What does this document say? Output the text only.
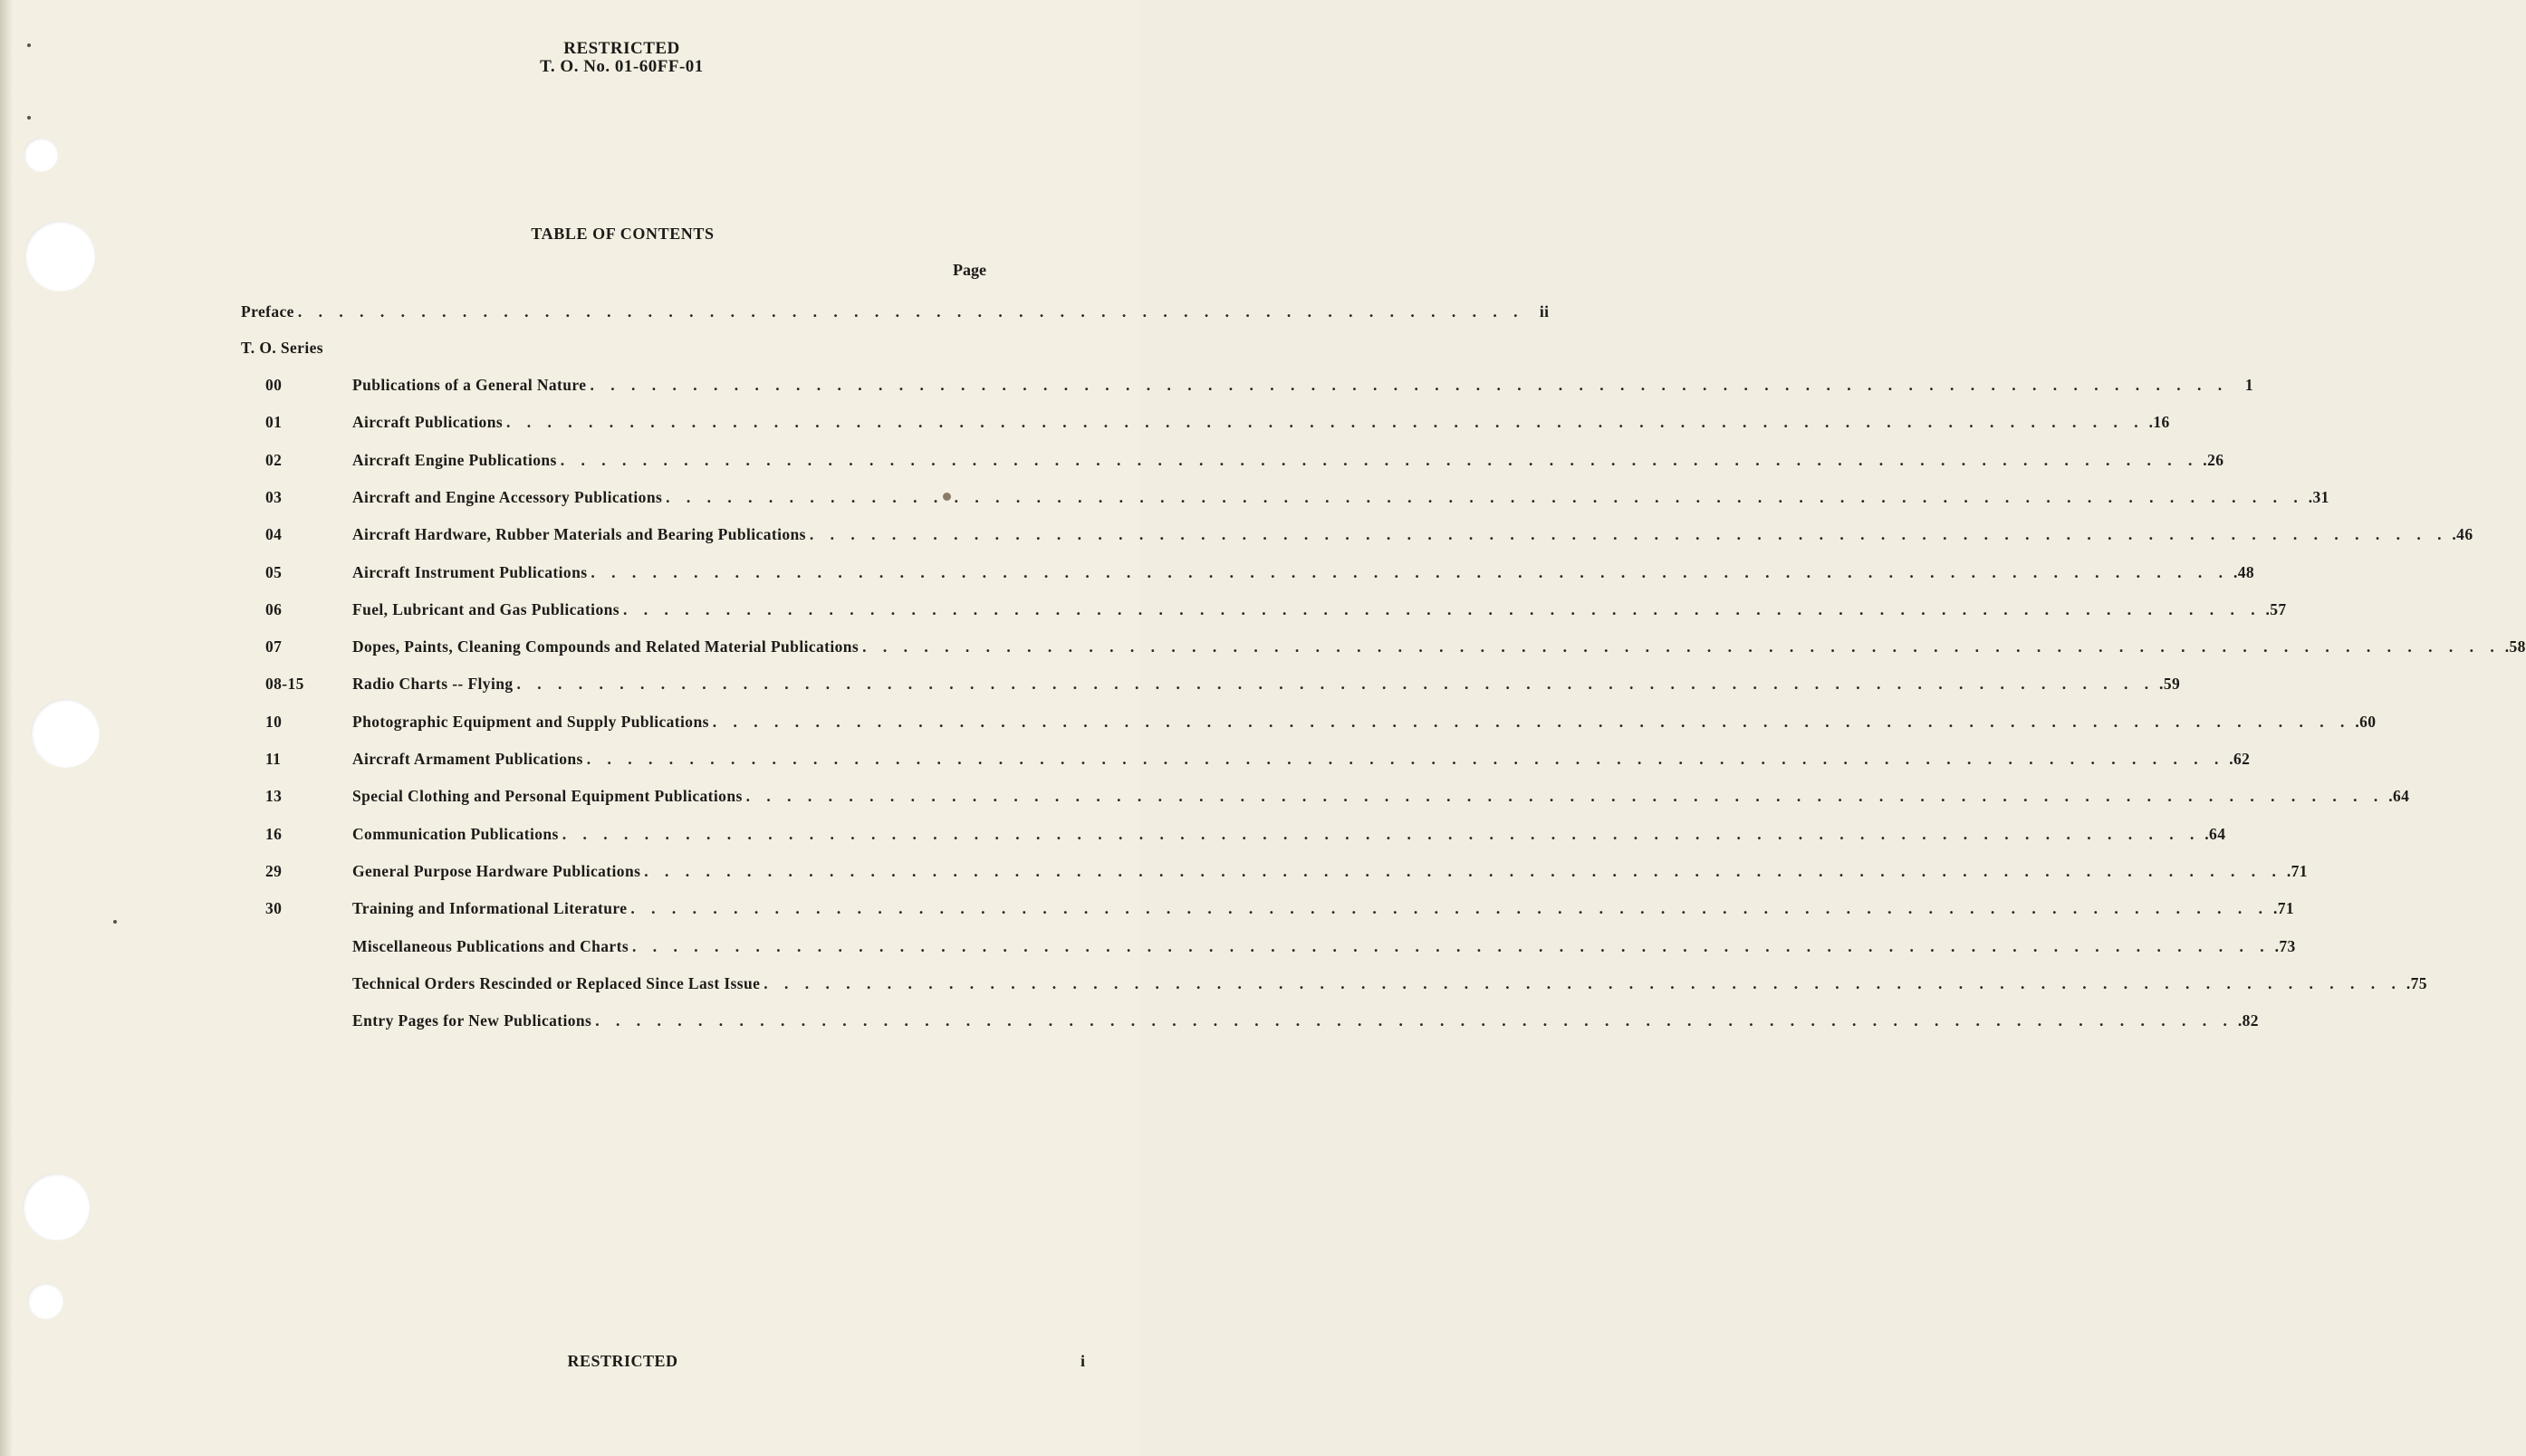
RESTRICTED
T. O. No. 01-60FF-01
TABLE OF CONTENTS
Page
Preface . . . . . . . . . . . . . . . . . . . . . . . . . . . . . . . . . . . . . . . . . . . . . . . . . . . . . . . . . . . . ii
T. O. Series
00	Publications of a General Nature . . . . . . . . . . . . . . . . . . . . . . . . . . . . . . . . . . . . . . . . . . . . . . . . . . . . . . . . . . . . . . . . . . . . . . . . . . . . . . . .	1
01	Aircraft Publications . . . . . . . . . . . . . . . . . . . . . . . . . . . . . . . . . . . . . . . . . . . . . . . . . . . . . . . . . . . . . . . . . . . . . . . . . . . . . . . . .16
02	Aircraft Engine Publications . . . . . . . . . . . . . . . . . . . . . . . . . . . . . . . . . . . . . . . . . . . . . . . . . . . . . . . . . . . . . . . . . . . . . . . . . . . . . . . . .26
03	Aircraft and Engine Accessory Publications . . . . . . . . . . . . . . . . . . . . . . . . . . . . . . . . . . . . . . . . . . . . . . . . . . . . . . . . . . . . . . . . . . . . . . . . . . . . . . . . .31
04	Aircraft Hardware, Rubber Materials and Bearing Publications . . . . . . . . . . . . . . . . . . . . . . . . . . . . . . . . . . . . . . . . . . . . . . . . . . . . . . . . . . . . . . . . . . . . . . . . . . . . . . . . .46
05	Aircraft Instrument Publications . . . . . . . . . . . . . . . . . . . . . . . . . . . . . . . . . . . . . . . . . . . . . . . . . . . . . . . . . . . . . . . . . . . . . . . . . . . . . . . . .48
06	Fuel, Lubricant and Gas Publications . . . . . . . . . . . . . . . . . . . . . . . . . . . . . . . . . . . . . . . . . . . . . . . . . . . . . . . . . . . . . . . . . . . . . . . . . . . . . . . . .57
07	Dopes, Paints, Cleaning Compounds and Related Material Publications . . . . . . . . . . . . . . . . . . . . . . . . . . . . . . . . . . . . . . . . . . . . . . . . . . . . . . . . . . . . . . . . . . . . . . . . . . . . . . . . .58
08-15	Radio Charts -- Flying . . . . . . . . . . . . . . . . . . . . . . . . . . . . . . . . . . . . . . . . . . . . . . . . . . . . . . . . . . . . . . . . . . . . . . . . . . . . . . . . .59
10	Photographic Equipment and Supply Publications . . . . . . . . . . . . . . . . . . . . . . . . . . . . . . . . . . . . . . . . . . . . . . . . . . . . . . . . . . . . . . . . . . . . . . . . . . . . . . . . .60
11	Aircraft Armament Publications . . . . . . . . . . . . . . . . . . . . . . . . . . . . . . . . . . . . . . . . . . . . . . . . . . . . . . . . . . . . . . . . . . . . . . . . . . . . . . . . .62
13	Special Clothing and Personal Equipment Publications . . . . . . . . . . . . . . . . . . . . . . . . . . . . . . . . . . . . . . . . . . . . . . . . . . . . . . . . . . . . . . . . . . . . . . . . . . . . . . . . .64
16	Communication Publications . . . . . . . . . . . . . . . . . . . . . . . . . . . . . . . . . . . . . . . . . . . . . . . . . . . . . . . . . . . . . . . . . . . . . . . . . . . . . . . . .64
29	General Purpose Hardware Publications . . . . . . . . . . . . . . . . . . . . . . . . . . . . . . . . . . . . . . . . . . . . . . . . . . . . . . . . . . . . . . . . . . . . . . . . . . . . . . . . .71
30	Training and Informational Literature . . . . . . . . . . . . . . . . . . . . . . . . . . . . . . . . . . . . . . . . . . . . . . . . . . . . . . . . . . . . . . . . . . . . . . . . . . . . . . . . .71
Miscellaneous Publications and Charts . . . . . . . . . . . . . . . . . . . . . . . . . . . . . . . . . . . . . . . . . . . . . . . . . . . . . . . . . . . . . . . . . . . . . . . . . . . . . . . . .73
Technical Orders Rescinded or Replaced Since Last Issue . . . . . . . . . . . . . . . . . . . . . . . . . . . . . . . . . . . . . . . . . . . . . . . . . . . . . . . . . . . . . . . . . . . . . . . . . . . . . . . . .75
Entry Pages for New Publications . . . . . . . . . . . . . . . . . . . . . . . . . . . . . . . . . . . . . . . . . . . . . . . . . . . . . . . . . . . . . . . . . . . . . . . . . . . . . . . . .82
RESTRICTED	i
